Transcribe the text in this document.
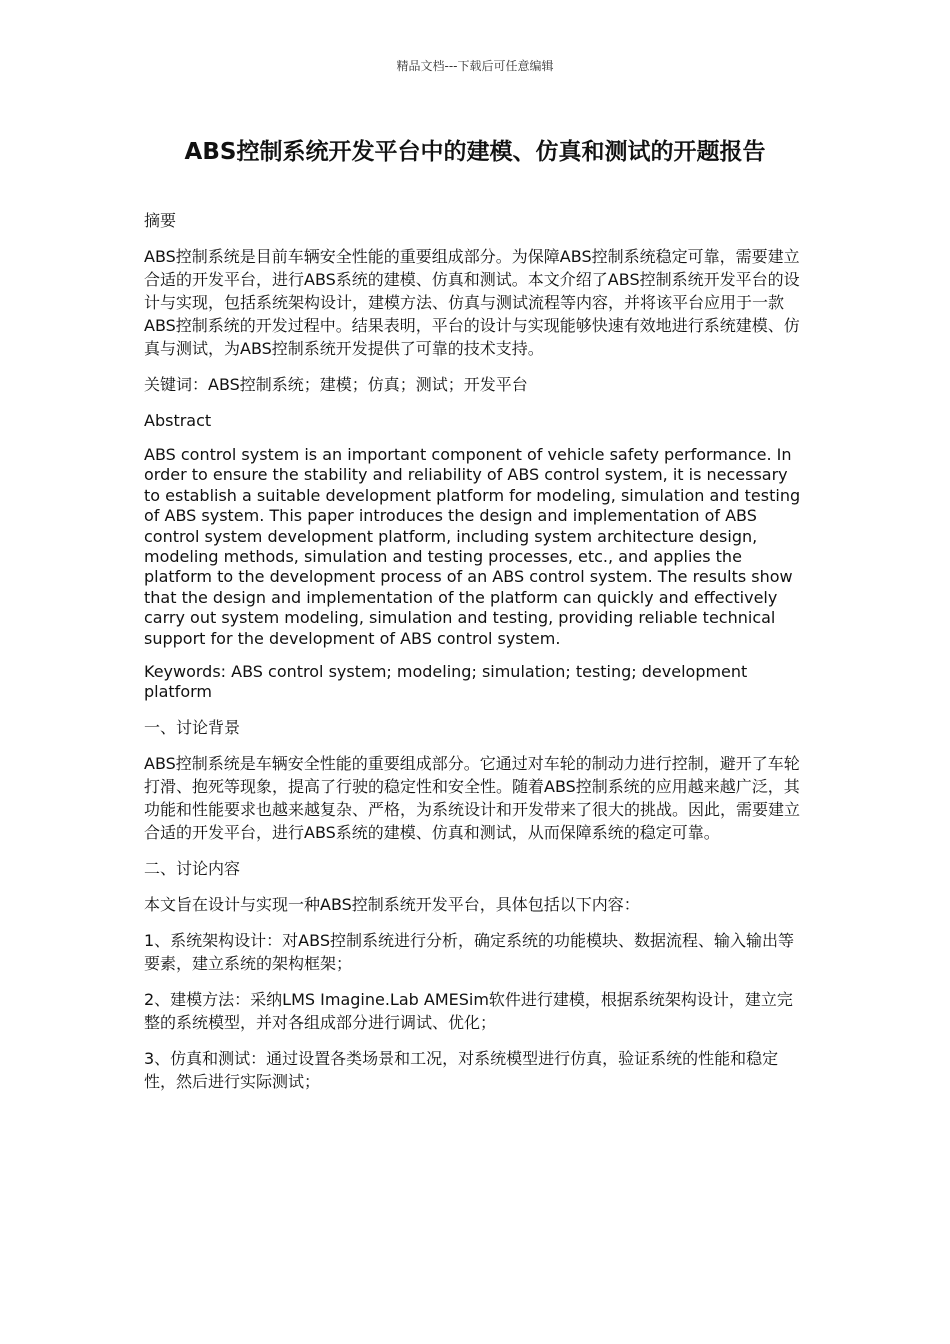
精品文档---下载后可任意编辑
ABS控制系统开发平台中的建模、仿真和测试的开题报告

摘要

ABS控制系统是目前车辆安全性能的重要组成部分。为保障ABS控制系统稳定可靠，需要建立合适的开发平台，进行ABS系统的建模、仿真和测试。本文介绍了ABS控制系统开发平台的设计与实现，包括系统架构设计，建模方法、仿真与测试流程等内容，并将该平台应用于一款ABS控制系统的开发过程中。结果表明，平台的设计与实现能够快速有效地进行系统建模、仿真与测试，为ABS控制系统开发提供了可靠的技术支持。

关键词：ABS控制系统；建模；仿真；测试；开发平台

Abstract

ABS control system is an important component of vehicle safety performance. In order to ensure the stability and reliability of ABS control system, it is necessary to establish a suitable development platform for modeling, simulation and testing of ABS system. This paper introduces the design and implementation of ABS control system development platform, including system architecture design, modeling methods, simulation and testing processes, etc., and applies the platform to the development process of an ABS control system. The results show that the design and implementation of the platform can quickly and effectively carry out system modeling, simulation and testing, providing reliable technical support for the development of ABS control system.

Keywords: ABS control system; modeling; simulation; testing; development platform

一、讨论背景

ABS控制系统是车辆安全性能的重要组成部分。它通过对车轮的制动力进行控制，避开了车轮打滑、抱死等现象，提高了行驶的稳定性和安全性。随着ABS控制系统的应用越来越广泛，其功能和性能要求也越来越复杂、严格，为系统设计和开发带来了很大的挑战。因此，需要建立合适的开发平台，进行ABS系统的建模、仿真和测试，从而保障系统的稳定可靠。

二、讨论内容

本文旨在设计与实现一种ABS控制系统开发平台，具体包括以下内容：

1、系统架构设计：对ABS控制系统进行分析，确定系统的功能模块、数据流程、输入输出等要素，建立系统的架构框架；

2、建模方法：采纳LMS Imagine.Lab AMESim软件进行建模，根据系统架构设计，建立完整的系统模型，并对各组成部分进行调试、优化；

3、仿真和测试：通过设置各类场景和工况，对系统模型进行仿真，验证系统的性能和稳定性，然后进行实际测试；
